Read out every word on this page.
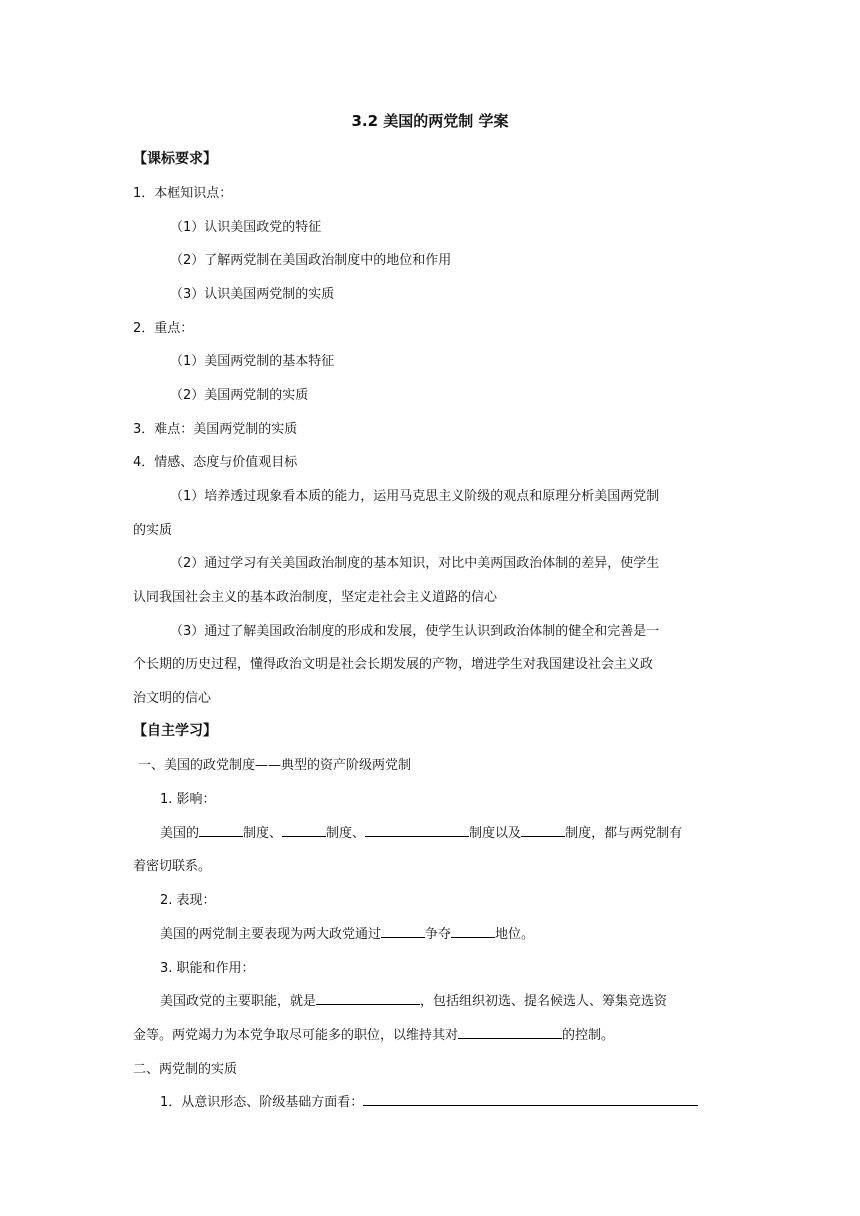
3.2 美国的两党制 学案
【课标要求】
1．本框知识点：
（1）认识美国政党的特征
（2）了解两党制在美国政治制度中的地位和作用
（3）认识美国两党制的实质
2．重点：
（1）美国两党制的基本特征
（2）美国两党制的实质
3．难点：美国两党制的实质
4．情感、态度与价值观目标
（1）培养透过现象看本质的能力，运用马克思主义阶级的观点和原理分析美国两党制
的实质
（2）通过学习有关美国政治制度的基本知识，对比中美两国政治体制的差异，使学生
认同我国社会主义的基本政治制度，坚定走社会主义道路的信心
（3）通过了解美国政治制度的形成和发展，使学生认识到政治体制的健全和完善是一
个长期的历史过程，懂得政治文明是社会长期发展的产物，增进学生对我国建设社会主义政
治文明的信心
【自主学习】
一、美国的政党制度——典型的资产阶级两党制
1. 影响：
美国的	制度、	制度、	制度以及	制度，都与两党制有
着密切联系。
2. 表现：
美国的两党制主要表现为两大政党通过	争夺	地位。
3. 职能和作用：
美国政党的主要职能，就是	，包括组织初选、提名候选人、筹集竞选资
金等。两党竭力为本党争取尽可能多的职位，以维持其对	的控制。
二、两党制的实质
1．从意识形态、阶级基础方面看：
